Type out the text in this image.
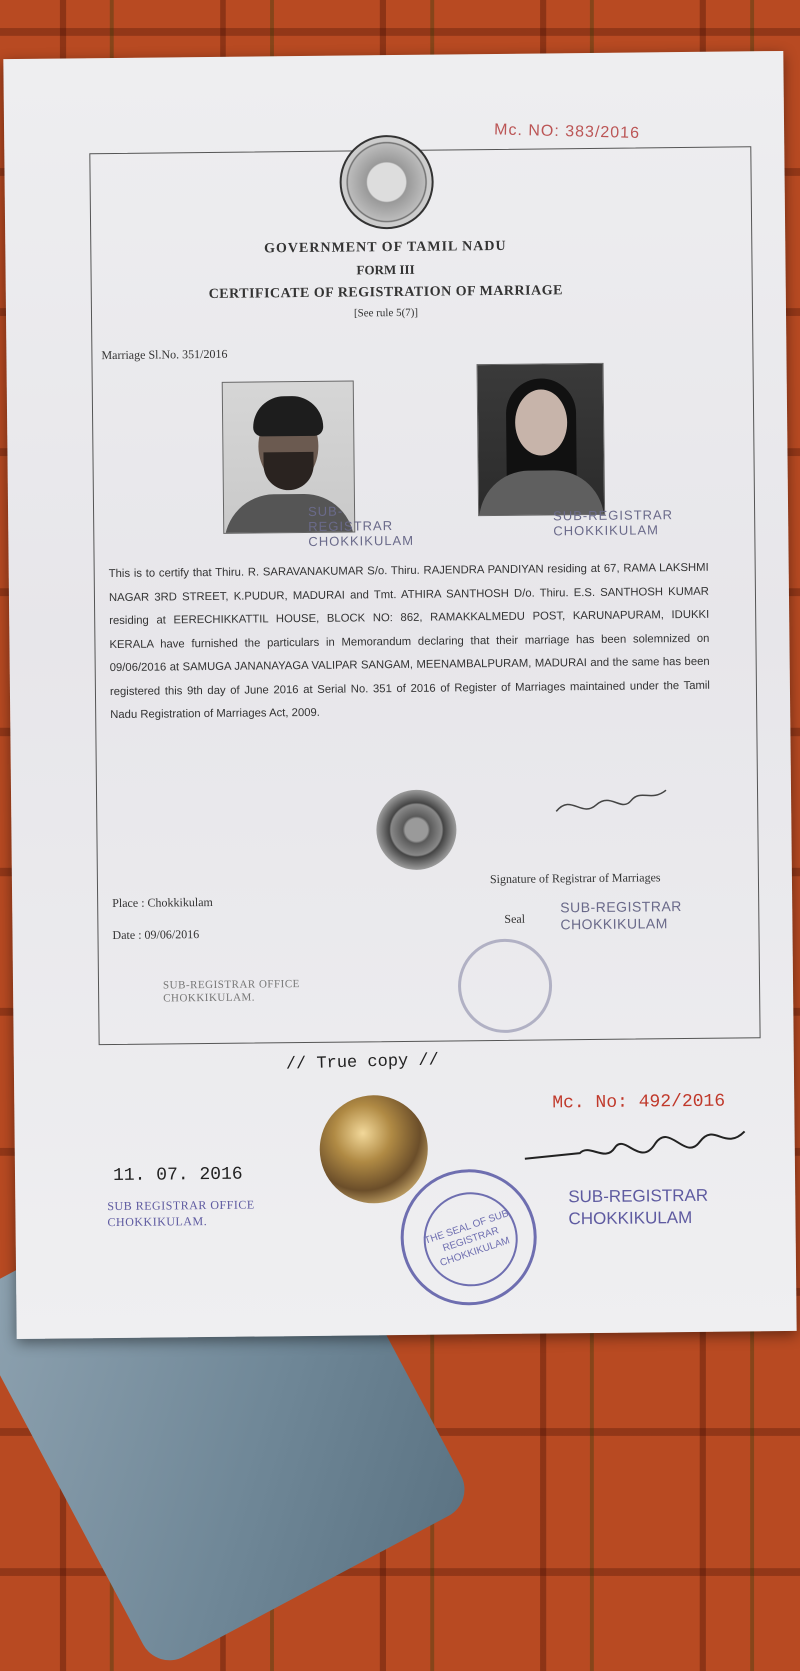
Mc. NO: 383/2016
GOVERNMENT OF TAMIL NADU
FORM III
CERTIFICATE OF REGISTRATION OF MARRIAGE
[See rule 5(7)]
Marriage Sl.No. 351/2016
SUB-REGISTRAR CHOKKIKULAM
SUB-REGISTRAR CHOKKIKULAM
This is to certify that Thiru. R. SARAVANAKUMAR S/o. Thiru. RAJENDRA PANDIYAN residing at 67, RAMA LAKSHMI NAGAR 3RD STREET, K.PUDUR, MADURAI and Tmt. ATHIRA SANTHOSH D/o. Thiru. E.S. SANTHOSH KUMAR residing at EERECHIKKATTIL HOUSE, BLOCK NO: 862, RAMAKKALMEDU POST, KARUNAPURAM, IDUKKI KERALA have furnished the particulars in Memorandum declaring that their marriage has been solemnized on 09/06/2016 at SAMUGA JANANAYAGA VALIPAR SANGAM, MEENAMBALPURAM, MADURAI and the same has been registered this 9th day of June 2016 at Serial No. 351 of 2016 of Register of Marriages maintained under the Tamil Nadu Registration of Marriages Act, 2009.
Place : Chokkikulam
Date : 09/06/2016
Signature of Registrar of Marriages
Seal
SUB-REGISTRAR CHOKKIKULAM
SUB-REGISTRAR OFFICE CHOKKIKULAM.
// True copy //
Mc. No: 492/2016
11. 07. 2016
SUB REGISTRAR OFFICE CHOKKIKULAM.	THE SEAL OF SUB REGISTRAR CHOKKIKULAM
SUB-REGISTRAR CHOKKIKULAM
